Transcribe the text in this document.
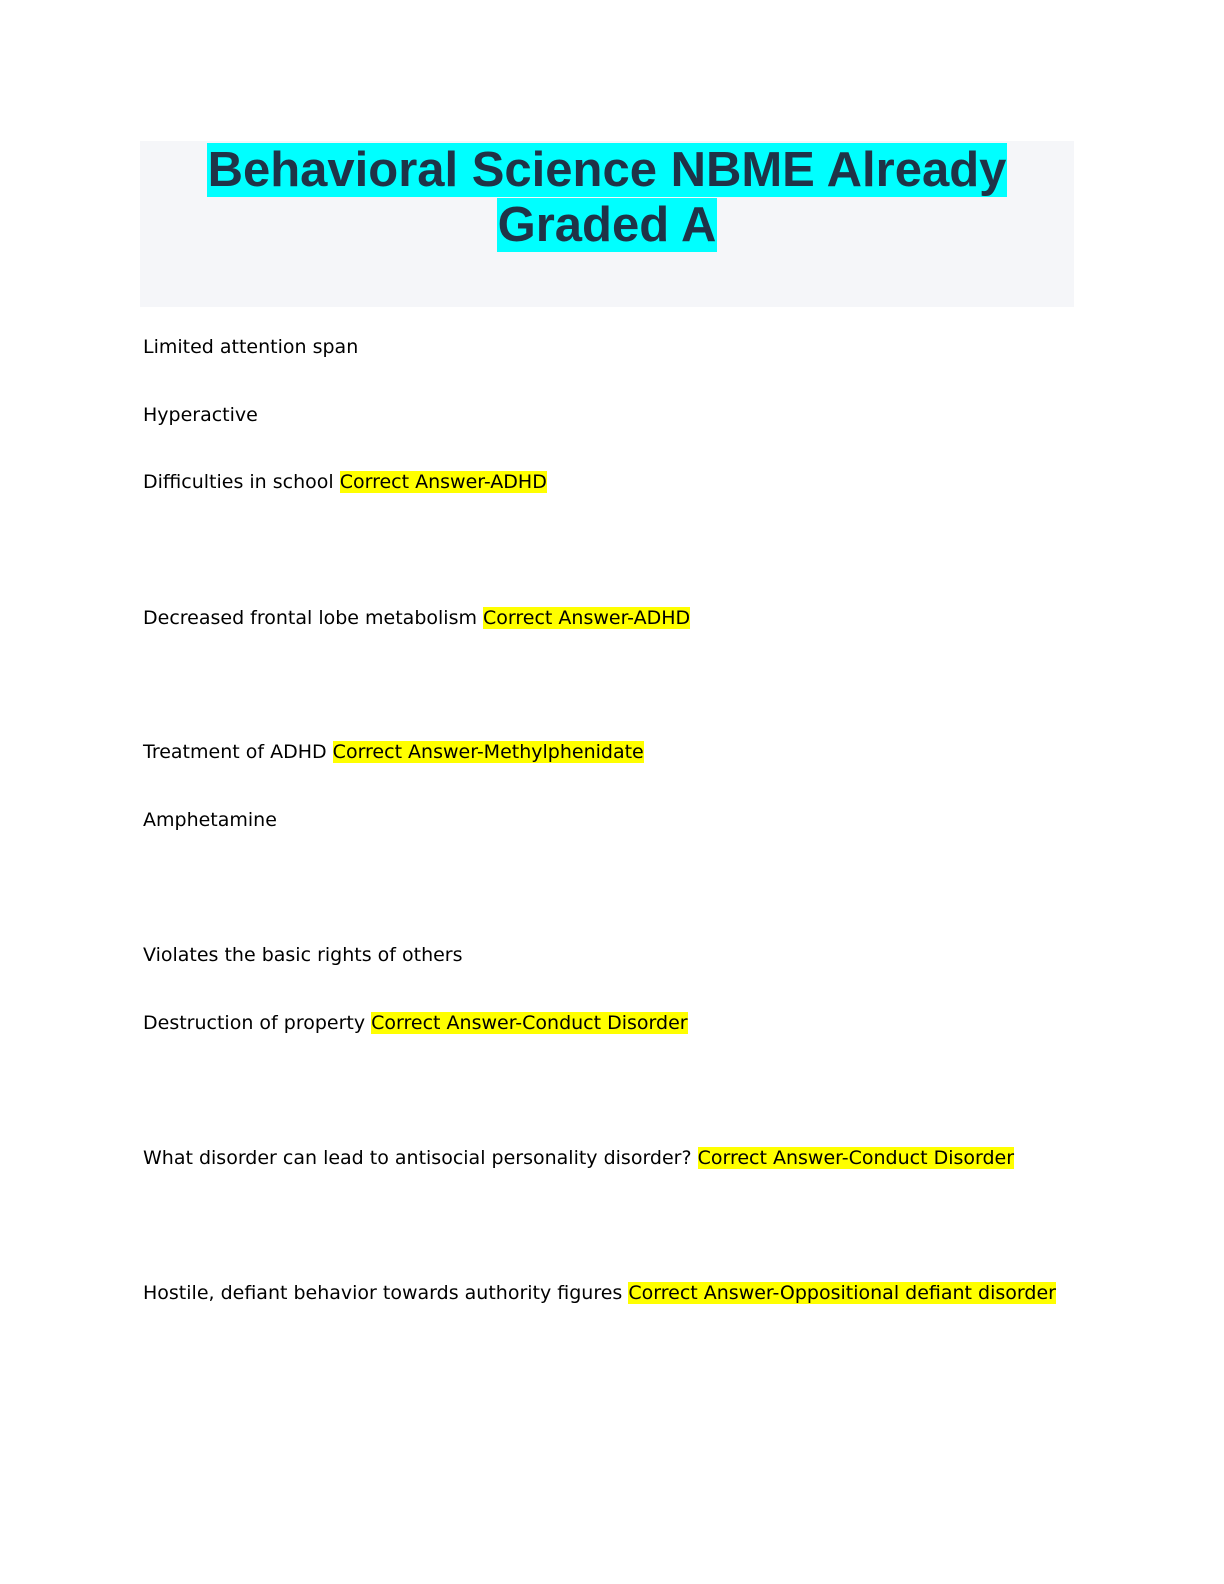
Behavioral Science NBME Already
Graded A

Limited attention span

Hyperactive

Difficulties in school Correct Answer-ADHD

Decreased frontal lobe metabolism Correct Answer-ADHD

Treatment of ADHD Correct Answer-Methylphenidate

Amphetamine

Violates the basic rights of others

Destruction of property Correct Answer-Conduct Disorder

What disorder can lead to antisocial personality disorder? Correct Answer-Conduct Disorder

Hostile, defiant behavior towards authority figures Correct Answer-Oppositional defiant disorder
